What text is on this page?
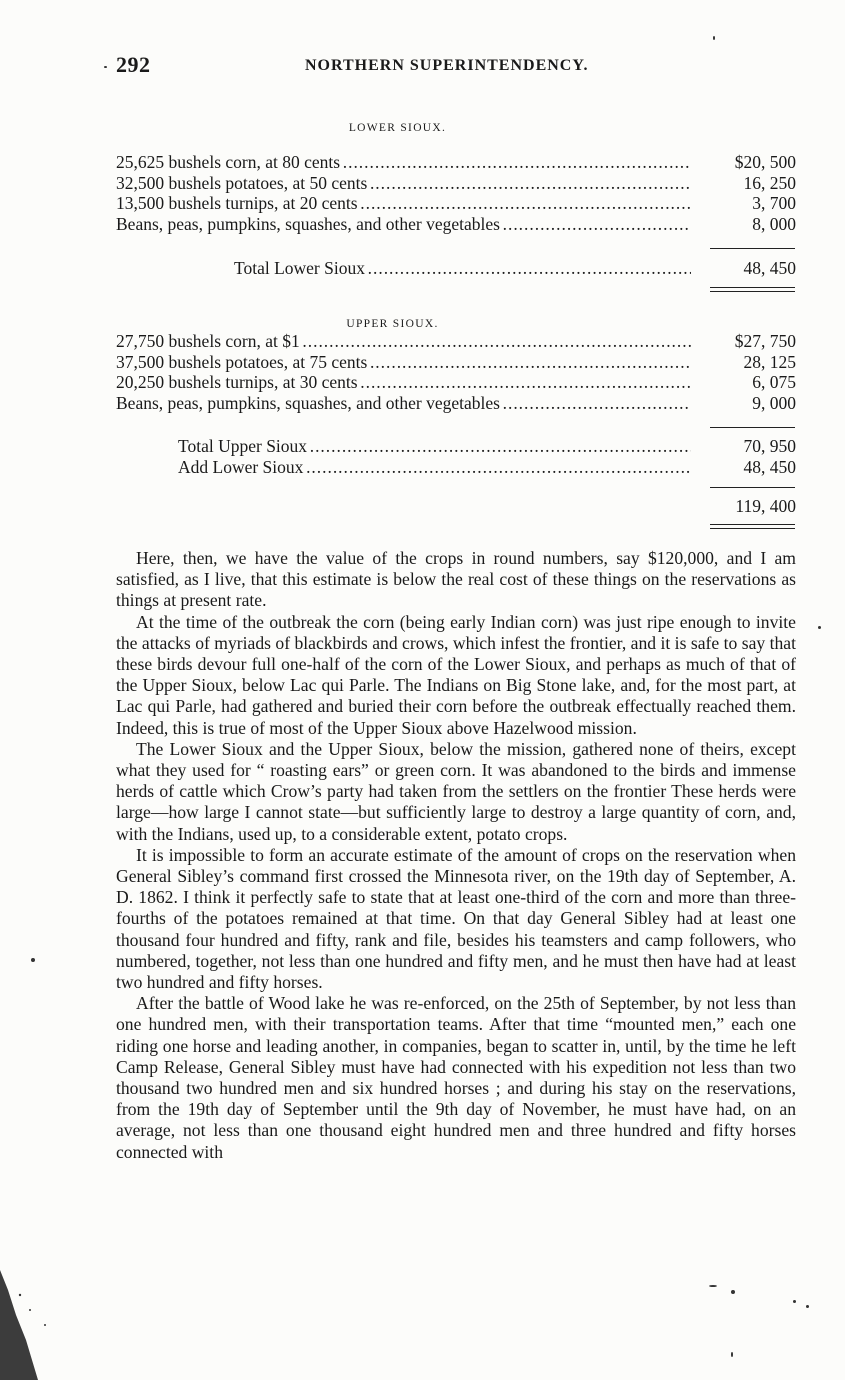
292	NORTHERN SUPERINTENDENCY.
LOWER SIOUX.
25,625 bushels corn, at 80 cents . . .	$20, 500
32,500 bushels potatoes, at 50 cents . . .	16, 250
13,500 bushels turnips, at 20 cents . . .	3, 700
Beans, peas, pumpkins, squashes, and other vegetables . . .	8, 000
Total Lower Sioux . . .	48, 450
UPPER SIOUX.
27,750 bushels corn, at $1 . . .	$27, 750
37,500 bushels potatoes, at 75 cents . . .	28, 125
20,250 bushels turnips, at 30 cents . . .	6, 075
Beans, peas, pumpkins, squashes, and other vegetables . . .	9, 000
Total Upper Sioux . . .	70, 950
Add Lower Sioux . . .	48, 450
119, 400

Here, then, we have the value of the crops in round numbers, say $120,000, and I am satisfied, as I live, that this estimate is below the real cost of these things on the reservations as things at present rate.

At the time of the outbreak the corn (being early Indian corn) was just ripe enough to invite the attacks of myriads of blackbirds and crows, which infest the frontier, and it is safe to say that these birds devour full one-half of the corn of the Lower Sioux, and perhaps as much of that of the Upper Sioux, below Lac qui Parle. The Indians on Big Stone lake, and, for the most part, at Lac qui Parle, had gathered and buried their corn before the outbreak effectually reached them. Indeed, this is true of most of the Upper Sioux above Hazelwood mission.

The Lower Sioux and the Upper Sioux, below the mission, gathered none of theirs, except what they used for “ roasting ears” or green corn. It was abandoned to the birds and immense herds of cattle which Crow’s party had taken from the settlers on the frontier These herds were large—how large I cannot state—but sufficiently large to destroy a large quantity of corn, and, with the Indians, used up, to a considerable extent, potato crops.

It is impossible to form an accurate estimate of the amount of crops on the reservation when General Sibley’s command first crossed the Minnesota river, on the 19th day of September, A. D. 1862. I think it perfectly safe to state that at least one-third of the corn and more than three-fourths of the potatoes remained at that time. On that day General Sibley had at least one thousand four hundred and fifty, rank and file, besides his teamsters and camp followers, who numbered, together, not less than one hundred and fifty men, and he must then have had at least two hundred and fifty horses.

After the battle of Wood lake he was re-enforced, on the 25th of September, by not less than one hundred men, with their transportation teams. After that time “mounted men,” each one riding one horse and leading another, in companies, began to scatter in, until, by the time he left Camp Release, General Sibley must have had connected with his expedition not less than two thousand two hundred men and six hundred horses ; and during his stay on the reservations, from the 19th day of September until the 9th day of November, he must have had, on an average, not less than one thousand eight hundred men and three hundred and fifty horses connected with
